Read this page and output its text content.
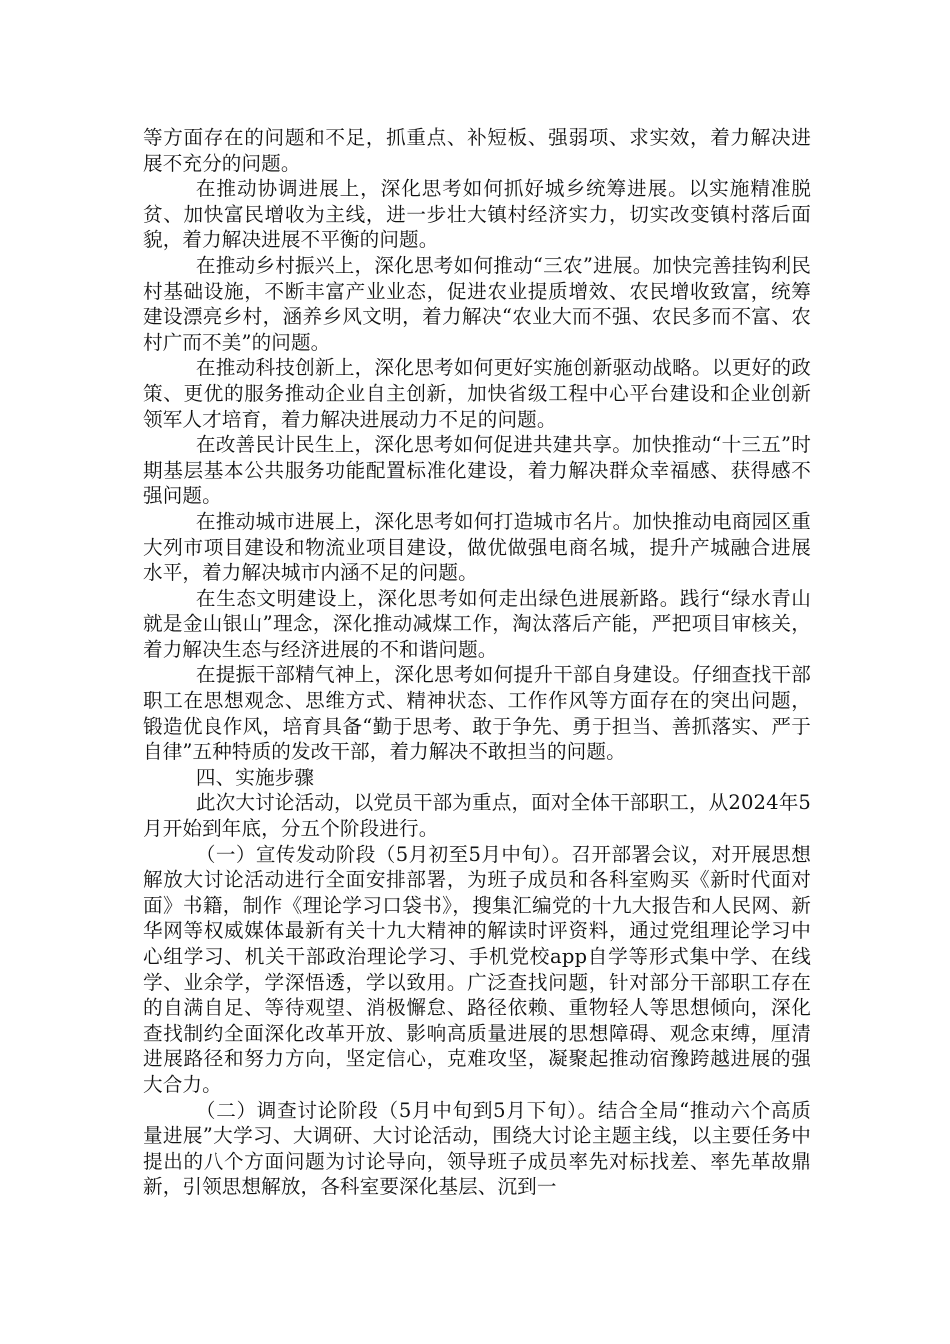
等方面存在的问题和不足，抓重点、补短板、强弱项、求实效，着力解决进展不充分的问题。

在推动协调进展上，深化思考如何抓好城乡统筹进展。以实施精准脱贫、加快富民增收为主线，进一步壮大镇村经济实力，切实改变镇村落后面貌，着力解决进展不平衡的问题。

在推动乡村振兴上，深化思考如何推动“三农”进展。加快完善挂钩利民村基础设施，不断丰富产业业态，促进农业提质增效、农民增收致富，统筹建设漂亮乡村，涵养乡风文明，着力解决“农业大而不强、农民多而不富、农村广而不美”的问题。

在推动科技创新上，深化思考如何更好实施创新驱动战略。以更好的政策、更优的服务推动企业自主创新，加快省级工程中心平台建设和企业创新领军人才培育，着力解决进展动力不足的问题。

在改善民计民生上，深化思考如何促进共建共享。加快推动“十三五”时期基层基本公共服务功能配置标准化建设，着力解决群众幸福感、获得感不强问题。

在推动城市进展上，深化思考如何打造城市名片。加快推动电商园区重大列市项目建设和物流业项目建设，做优做强电商名城，提升产城融合进展水平，着力解决城市内涵不足的问题。

在生态文明建设上，深化思考如何走出绿色进展新路。践行“绿水青山就是金山银山”理念，深化推动减煤工作，淘汰落后产能，严把项目审核关，着力解决生态与经济进展的不和谐问题。

在提振干部精气神上，深化思考如何提升干部自身建设。仔细查找干部职工在思想观念、思维方式、精神状态、工作作风等方面存在的突出问题，锻造优良作风，培育具备“勤于思考、敢于争先、勇于担当、善抓落实、严于自律”五种特质的发改干部，着力解决不敢担当的问题。

四、实施步骤

此次大讨论活动，以党员干部为重点，面对全体干部职工，从2024年5月开始到年底，分五个阶段进行。

（一）宣传发动阶段（5月初至5月中旬）。召开部署会议，对开展思想解放大讨论活动进行全面安排部署，为班子成员和各科室购买《新时代面对面》书籍，制作《理论学习口袋书》，搜集汇编党的十九大报告和人民网、新华网等权威媒体最新有关十九大精神的解读时评资料，通过党组理论学习中心组学习、机关干部政治理论学习、手机党校app自学等形式集中学、在线学、业余学，学深悟透，学以致用。广泛查找问题，针对部分干部职工存在的自满自足、等待观望、消极懈怠、路径依赖、重物轻人等思想倾向，深化查找制约全面深化改革开放、影响高质量进展的思想障碍、观念束缚，厘清进展路径和努力方向，坚定信心，克难攻坚，凝聚起推动宿豫跨越进展的强大合力。

（二）调查讨论阶段（5月中旬到5月下旬）。结合全局“推动六个高质量进展”大学习、大调研、大讨论活动，围绕大讨论主题主线，以主要任务中提出的八个方面问题为讨论导向，领导班子成员率先对标找差、率先革故鼎新，引领思想解放，各科室要深化基层、沉到一
